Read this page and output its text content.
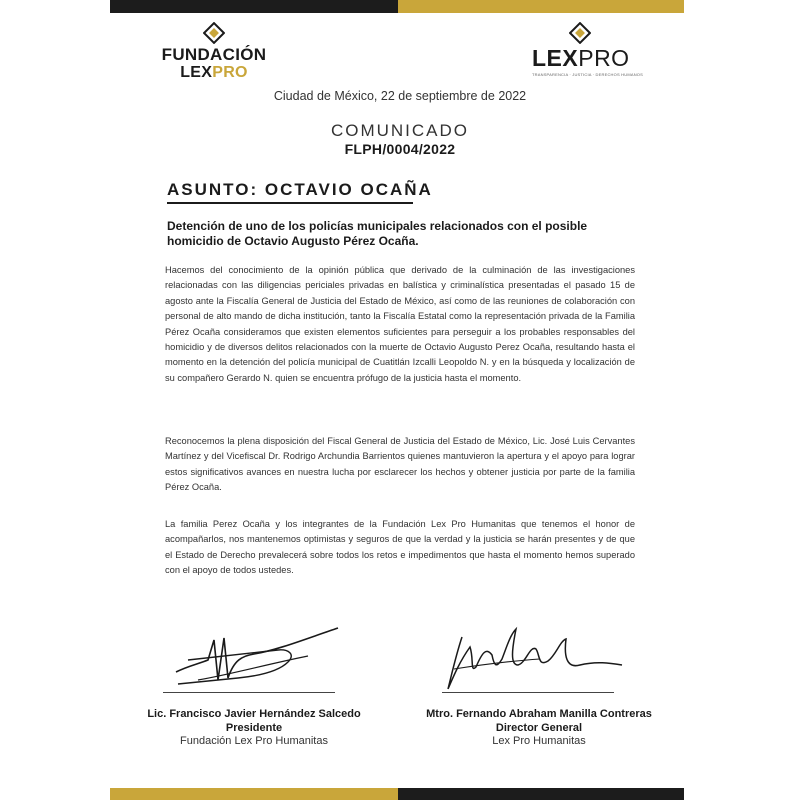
FUNDACIÓN
LEXPRO
LEXPRO
TRANSPARENCIA · JUSTICIA · DERECHOS HUMANOS
Ciudad de México, 22 de septiembre de 2022
COMUNICADO
FLPH/0004/2022
ASUNTO: OCTAVIO OCAÑA
Detención de uno de los policías municipales relacionados con el posible homicidio de Octavio Augusto Pérez Ocaña.
Hacemos del conocimiento de la opinión pública que derivado de la culminación de las investigaciones relacionadas con las diligencias periciales privadas en balística y criminalística presentadas el pasado 15 de agosto ante la Fiscalía General de Justicia del Estado de México, así como de las reuniones de colaboración con personal de alto mando de dicha institución, tanto la Fiscalía Estatal como la representación privada de la Familia Pérez Ocaña consideramos que existen elementos suficientes para perseguir a los probables responsables del homicidio y de diversos delitos relacionados con la muerte de Octavio Augusto Perez Ocaña, resultando hasta el momento en la detención del policía municipal de Cuatitlán Izcalli Leopoldo N. y en la búsqueda y localización de su compañero Gerardo N. quien se encuentra prófugo de la justicia hasta el momento.
Reconocemos la plena disposición del Fiscal General de Justicia del Estado de México, Lic. José Luis Cervantes Martínez y del Vicefiscal Dr. Rodrigo Archundia Barrientos quienes mantuvieron la apertura y el apoyo para lograr estos significativos avances en nuestra lucha por esclarecer los hechos y obtener justicia por parte de la familia Pérez Ocaña.
La familia Perez Ocaña y los integrantes de la Fundación Lex Pro Humanitas que tenemos el honor de acompañarlos, nos mantenemos optimistas y seguros de que la verdad y la justicia se harán presentes y de que el Estado de Derecho prevalecerá sobre todos los retos e impedimentos que hasta el momento hemos superado con el apoyo de todos ustedes.
Lic. Francisco Javier Hernández Salcedo
Presidente
Fundación Lex Pro Humanitas
Mtro. Fernando Abraham Manilla Contreras
Director General
Lex Pro Humanitas
